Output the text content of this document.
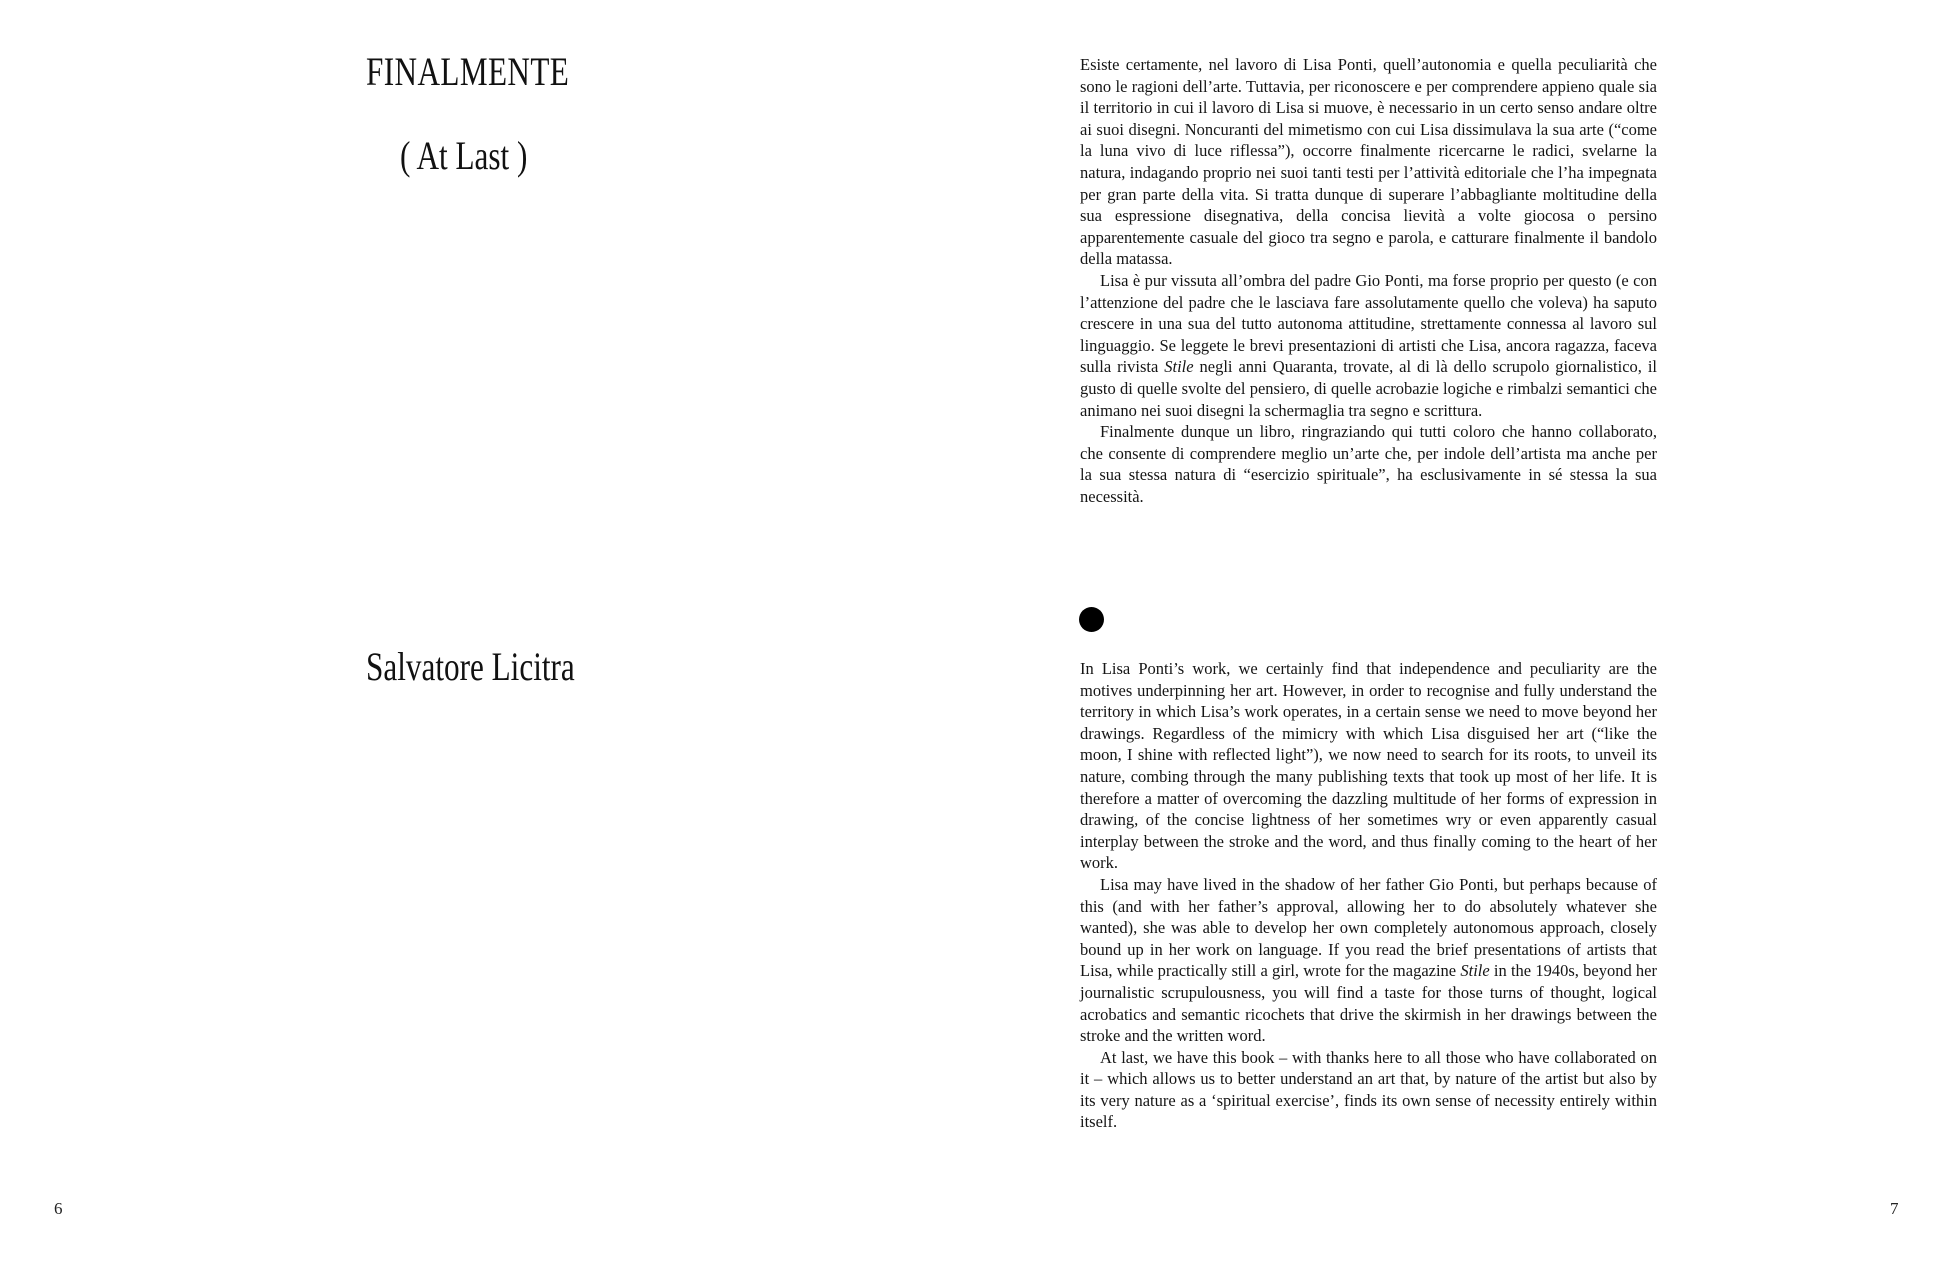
FINALMENTE
( At Last )
Salvatore Licitra
6

Esiste certamente, nel lavoro di Lisa Ponti, quell’autonomia e quella peculiarità che sono le ragioni dell’arte. Tuttavia, per riconoscere e per comprendere appieno quale sia il territorio in cui il lavoro di Lisa si muove, è necessario in un certo senso andare oltre ai suoi disegni. Noncuranti del mimetismo con cui Lisa dissimulava la sua arte (“come la luna vivo di luce riflessa”), occorre finalmente ricercarne le radici, svelarne la natura, indagando proprio nei suoi tanti testi per l’attività editoriale che l’ha impegnata per gran parte della vita. Si tratta dunque di superare l’abbagliante moltitudine della sua espressione disegnativa, della concisa lievità a volte giocosa o persino apparentemente casuale del gioco tra segno e parola, e catturare finalmente il bandolo della matassa.

Lisa è pur vissuta all’ombra del padre Gio Ponti, ma forse proprio per questo (e con l’attenzione del padre che le lasciava fare assolutamente quello che voleva) ha saputo crescere in una sua del tutto autonoma attitudine, strettamente connessa al lavoro sul linguaggio. Se leggete le brevi presentazioni di artisti che Lisa, ancora ragazza, faceva sulla rivista Stile negli anni Quaranta, trovate, al di là dello scrupolo giornalistico, il gusto di quelle svolte del pensiero, di quelle acrobazie logiche e rimbalzi semantici che animano nei suoi disegni la schermaglia tra segno e scrittura.

Finalmente dunque un libro, ringraziando qui tutti coloro che hanno collaborato, che consente di comprendere meglio un’arte che, per indole dell’artista ma anche per la sua stessa natura di “esercizio spirituale”, ha esclusivamente in sé stessa la sua necessità.

In Lisa Ponti’s work, we certainly find that independence and peculiarity are the motives underpinning her art. However, in order to recognise and fully understand the territory in which Lisa’s work operates, in a certain sense we need to move beyond her drawings. Regardless of the mimicry with which Lisa disguised her art (“like the moon, I shine with reflected light”), we now need to search for its roots, to unveil its nature, combing through the many publishing texts that took up most of her life. It is therefore a matter of overcoming the dazzling multitude of her forms of expression in drawing, of the concise lightness of her sometimes wry or even apparently casual interplay between the stroke and the word, and thus finally coming to the heart of her work.

Lisa may have lived in the shadow of her father Gio Ponti, but perhaps because of this (and with her father’s approval, allowing her to do absolutely whatever she wanted), she was able to develop her own completely autonomous approach, closely bound up in her work on language. If you read the brief presentations of artists that Lisa, while practically still a girl, wrote for the magazine Stile in the 1940s, beyond her journalistic scrupulousness, you will find a taste for those turns of thought, logical acrobatics and semantic ricochets that drive the skirmish in her drawings between the stroke and the written word.

At last, we have this book – with thanks here to all those who have collaborated on it – which allows us to better understand an art that, by nature of the artist but also by its very nature as a ‘spiritual exercise’, finds its own sense of necessity entirely within itself.

7
